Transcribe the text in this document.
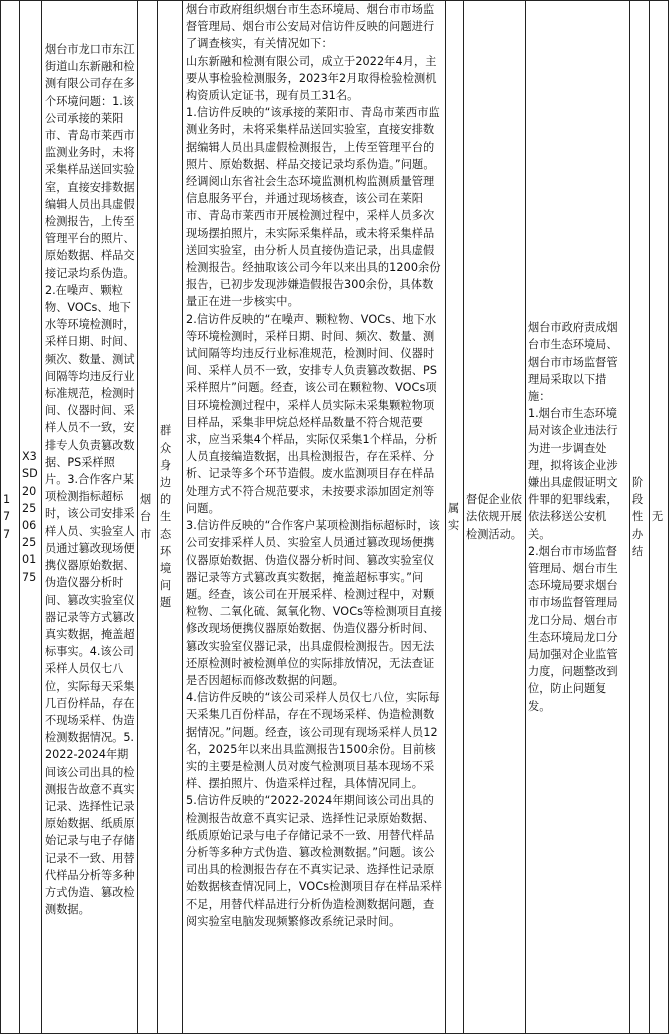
177	X3SD202506250175	烟台市龙口市东江街道山东新融和检测有限公司存在多个环境问题：1.该公司承接的莱阳市、青岛市莱西市监测业务时，未将采集样品送回实验室，直接安排数据编辑人员出具虚假检测报告，上传至管理平台的照片、原始数据、样品交接记录均系伪造。2.在噪声、颗粒物、VOCs、地下水等环境检测时，采样日期、时间、频次、数量、测试间隔等均违反行业标准规范，检测时间、仪器时间、采样人员不一致，安排专人负责篡改数据、PS采样照片。3.合作客户某项检测指标超标时，该公司安排采样人员、实验室人员通过篡改现场便携仪器原始数据、伪造仪器分析时间、篡改实验室仪器记录等方式篡改真实数据，掩盖超标事实。4.该公司采样人员仅七八位，实际每天采集几百份样品，存在不现场采样、伪造检测数据情况。5.2022-2024年期间该公司出具的检测报告故意不真实记录、选择性记录原始数据、纸质原始记录与电子存储记录不一致、用替代样品分析等多种方式伪造、篡改检测数据。	烟台市	群众身边的生态环境问题	烟台市政府组织烟台市生态环境局、烟台市市场监督管理局、烟台市公安局对信访件反映的问题进行了调查核实，有关情况如下：
山东新融和检测有限公司，成立于2022年4月，主要从事检验检测服务，2023年2月取得检验检测机构资质认定证书，现有员工31名。
1.信访件反映的“该承接的莱阳市、青岛市莱西市监测业务时，未将采集样品送回实验室，直接安排数据编辑人员出具虚假检测报告，上传至管理平台的照片、原始数据、样品交接记录均系伪造。”问题。经调阅山东省社会生态环境监测机构监测质量管理信息服务平台，并通过现场核查，该公司在莱阳市、青岛市莱西市开展检测过程中，采样人员多次现场摆拍照片，未实际采集样品，或未将采集样品送回实验室，由分析人员直接伪造记录，出具虚假检测报告。经抽取该公司今年以来出具的1200余份报告，已初步发现涉嫌造假报告300余份，具体数量正在进一步核实中。
2.信访件反映的“在噪声、颗粒物、VOCs、地下水等环境检测时，采样日期、时间、频次、数量、测试间隔等均违反行业标准规范，检测时间、仪器时间、采样人员不一致，安排专人负责篡改数据、PS采样照片”问题。经查，该公司在颗粒物、VOCs项目环境检测过程中，采样人员实际未采集颗粒物项目样品，采集非甲烷总烃样品数量不符合规范要求，应当采集4个样品，实际仅采集1个样品，分析人员直接编造数据，出具检测报告，存在采样、分析、记录等多个环节造假。废水监测项目存在样品处理方式不符合规范要求，未按要求添加固定剂等问题。
3.信访件反映的“合作客户某项检测指标超标时，该公司安排采样人员、实验室人员通过篡改现场便携仪器原始数据、伪造仪器分析时间、篡改实验室仪器记录等方式篡改真实数据，掩盖超标事实。”问题。经查，该公司在开展采样、检测过程中，对颗粒物、二氧化硫、氮氧化物、VOCs等检测项目直接修改现场便携仪器原始数据、伪造仪器分析时间、篡改实验室仪器记录，出具虚假检测报告。因无法还原检测时被检测单位的实际排放情况，无法查证是否因超标而修改数据的问题。
4.信访件反映的“该公司采样人员仅七八位，实际每天采集几百份样品，存在不现场采样、伪造检测数据情况。”问题。经查，该公司现有现场采样人员12名，2025年以来出具监测报告1500余份。目前核实的主要是检测人员对废气检测项目基本现场不采样、摆拍照片、伪造采样过程，具体情况同上。
5.信访件反映的“2022-2024年期间该公司出具的检测报告故意不真实记录、选择性记录原始数据、纸质原始记录与电子存储记录不一致、用替代样品分析等多种方式伪造、篡改检测数据。”问题。该公司出具的检测报告存在不真实记录、选择性记录原始数据核查情况同上，VOCs检测项目存在样品采样不足，用替代样品进行分析伪造检测数据问题，查阅实验室电脑发现频繁修改系统记录时间。	属实	督促企业依法依规开展检测活动。	烟台市政府责成烟台市生态环境局、烟台市市场监督管理局采取以下措施：
1.烟台市生态环境局对该企业违法行为进一步调查处理，拟将该企业涉嫌出具虚假证明文件罪的犯罪线索，依法移送公安机关。
2.烟台市市场监督管理局、烟台市生态环境局要求烟台市市场监督管理局龙口分局、烟台市生态环境局龙口分局加强对企业监管力度，问题整改到位，防止问题复发。	阶段性办结	无
